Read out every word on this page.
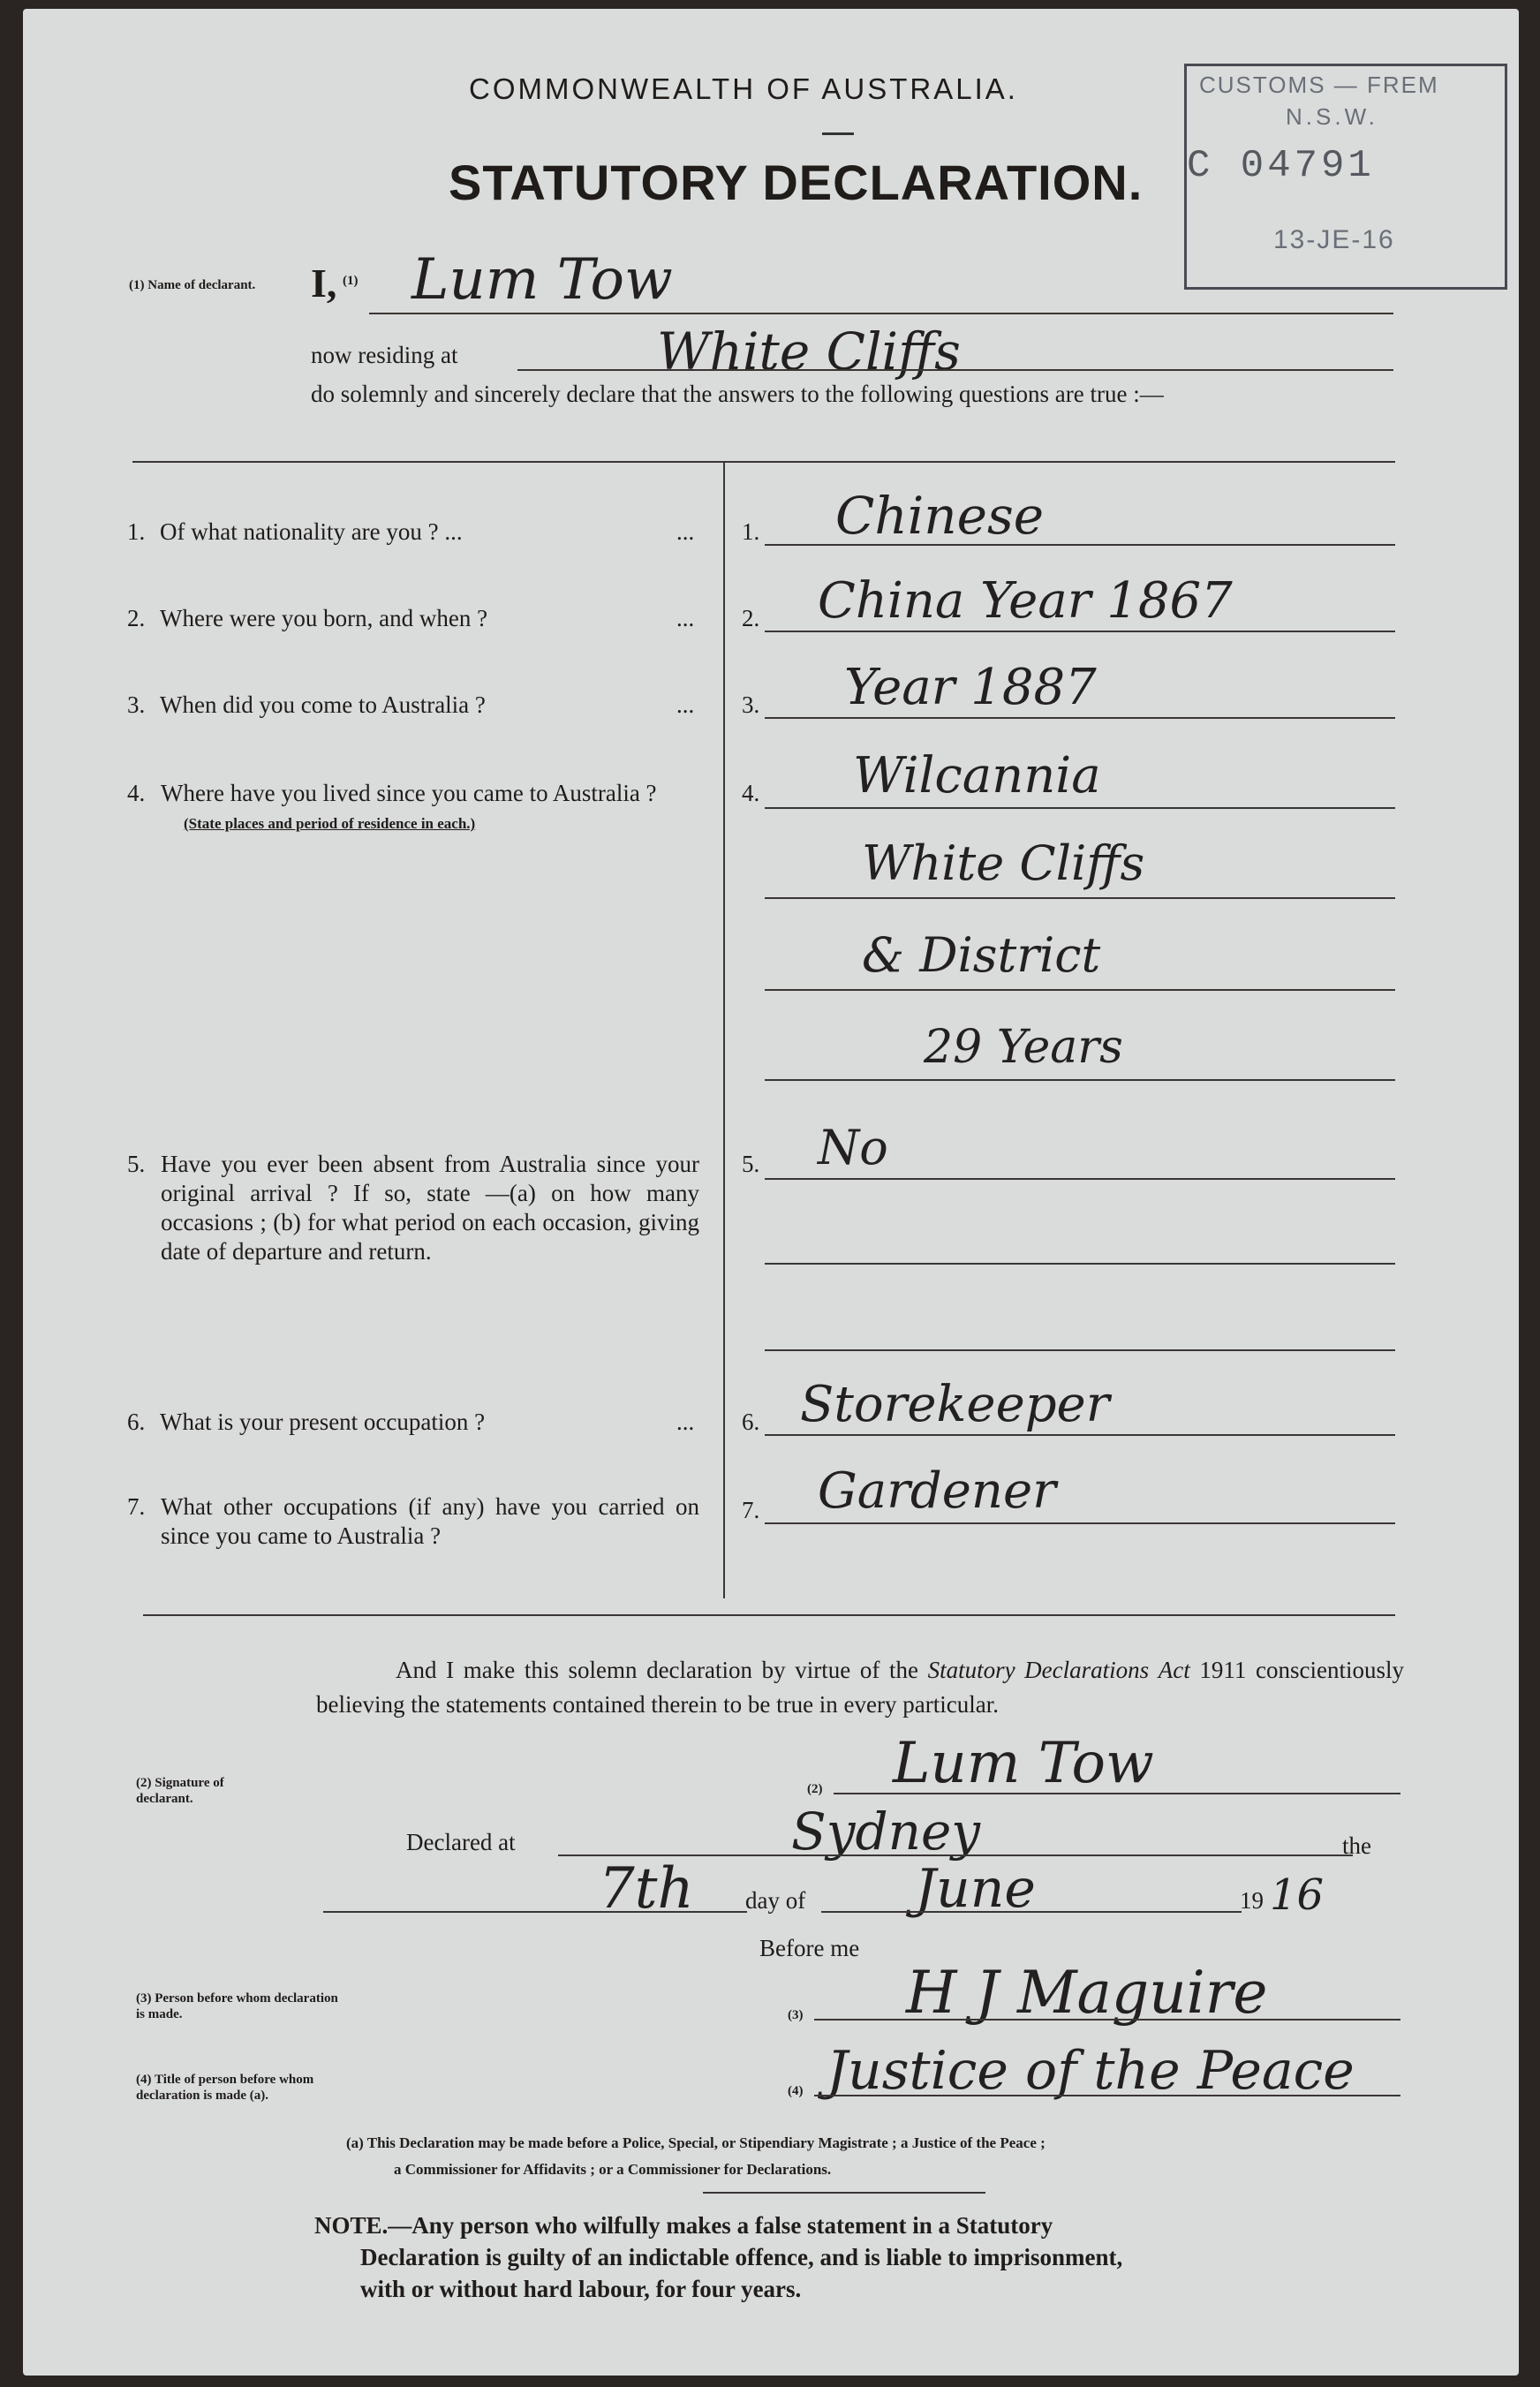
COMMONWEALTH OF AUSTRALIA.
STATUTORY DECLARATION.
CUSTOMS — FREM
N.S.W.
C 04791
13-JE-16
(1) Name of declarant. I, (1) Lum Tow
now residing at	White Cliffs
do solemnly and sincerely declare that the answers to the following questions are true :—
1. Of what nationality are you ? ...	... 1. Chinese
2. Where were you born, and when ?	... 2. China Year 1867
3. When did you come to Australia ?	... 3. Year 1887
4. Where have you lived since you came to Australia ?
(State places and period of residence in each.)
4. Wilcannia
White Cliffs
& District
29 Years
5. Have you ever been absent from Australia since your original arrival ? If so, state —(a) on how many occasions ; (b) for what period on each occasion, giving date of departure and return.
5. No
6. What is your present occupation ?	... 6. Storekeeper
7. What other occupations (if any) have you carried on since you came to Australia ?
7. Gardener
And I make this solemn declaration by virtue of the Statutory Declarations Act 1911 conscientiously believing the statements contained therein to be true in every particular.
(2) Signature of declarant.
(2) Lum Tow
Declared at	Sydney	the
7th day of June	19 16
Before me
(3) Person before whom declaration is made.	(3) H J Maguire
(4) Title of person before whom declaration is made (a).	(4) Justice of the Peace
(a) This Declaration may be made before a Police, Special, or Stipendiary Magistrate ; a Justice of the Peace ;
a Commissioner for Affidavits ; or a Commissioner for Declarations.
NOTE.—Any person who wilfully makes a false statement in a Statutory
Declaration is guilty of an indictable offence, and is liable to imprisonment,
with or without hard labour, for four years.
